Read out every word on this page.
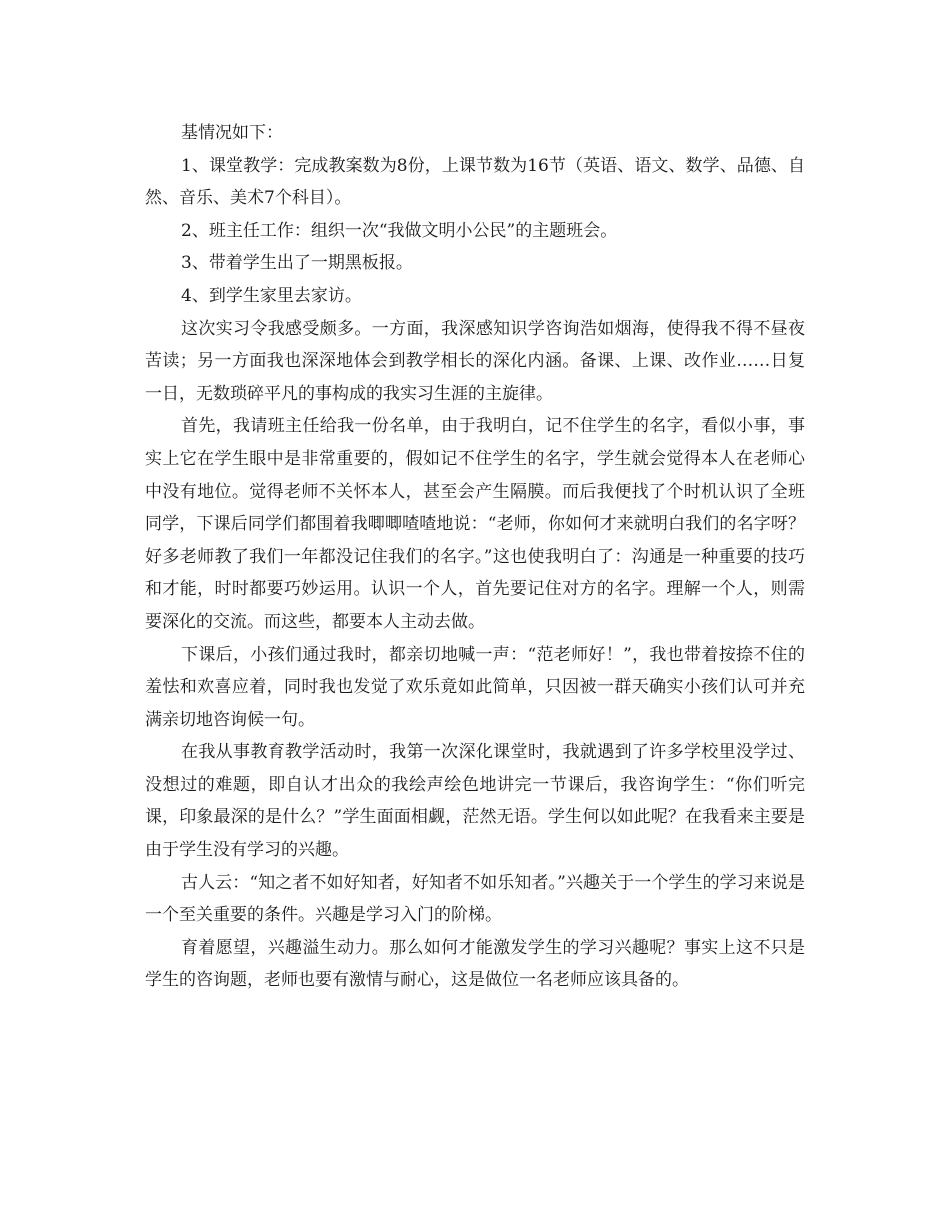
基情况如下：

1、课堂教学：完成教案数为8份，上课节数为16节（英语、语文、数学、品德、自然、音乐、美术7个科目）。

2、班主任工作：组织一次“我做文明小公民”的主题班会。

3、带着学生出了一期黑板报。

4、到学生家里去家访。

这次实习令我感受颇多。一方面，我深感知识学咨询浩如烟海，使得我不得不昼夜苦读；另一方面我也深深地体会到教学相长的深化内涵。备课、上课、改作业……日复一日，无数琐碎平凡的事构成的我实习生涯的主旋律。

首先，我请班主任给我一份名单，由于我明白，记不住学生的名字，看似小事，事实上它在学生眼中是非常重要的，假如记不住学生的名字，学生就会觉得本人在老师心中没有地位。觉得老师不关怀本人，甚至会产生隔膜。而后我便找了个时机认识了全班同学，下课后同学们都围着我唧唧喳喳地说：“老师，你如何才来就明白我们的名字呀？好多老师教了我们一年都没记住我们的名字。”这也使我明白了：沟通是一种重要的技巧和才能，时时都要巧妙运用。认识一个人，首先要记住对方的名字。理解一个人，则需要深化的交流。而这些，都要本人主动去做。

下课后，小孩们通过我时，都亲切地喊一声：“范老师好！”，我也带着按捺不住的羞怯和欢喜应着，同时我也发觉了欢乐竟如此简单，只因被一群天确实小孩们认可并充满亲切地咨询候一句。

在我从事教育教学活动时，我第一次深化课堂时，我就遇到了许多学校里没学过、没想过的难题，即自认才出众的我绘声绘色地讲完一节课后，我咨询学生：“你们听完课，印象最深的是什么？”学生面面相觑，茫然无语。学生何以如此呢？在我看来主要是由于学生没有学习的兴趣。

古人云：“知之者不如好知者，好知者不如乐知者。”兴趣关于一个学生的学习来说是一个至关重要的条件。兴趣是学习入门的阶梯。

育着愿望，兴趣溢生动力。那么如何才能激发学生的学习兴趣呢？事实上这不只是学生的咨询题，老师也要有激情与耐心，这是做位一名老师应该具备的。
